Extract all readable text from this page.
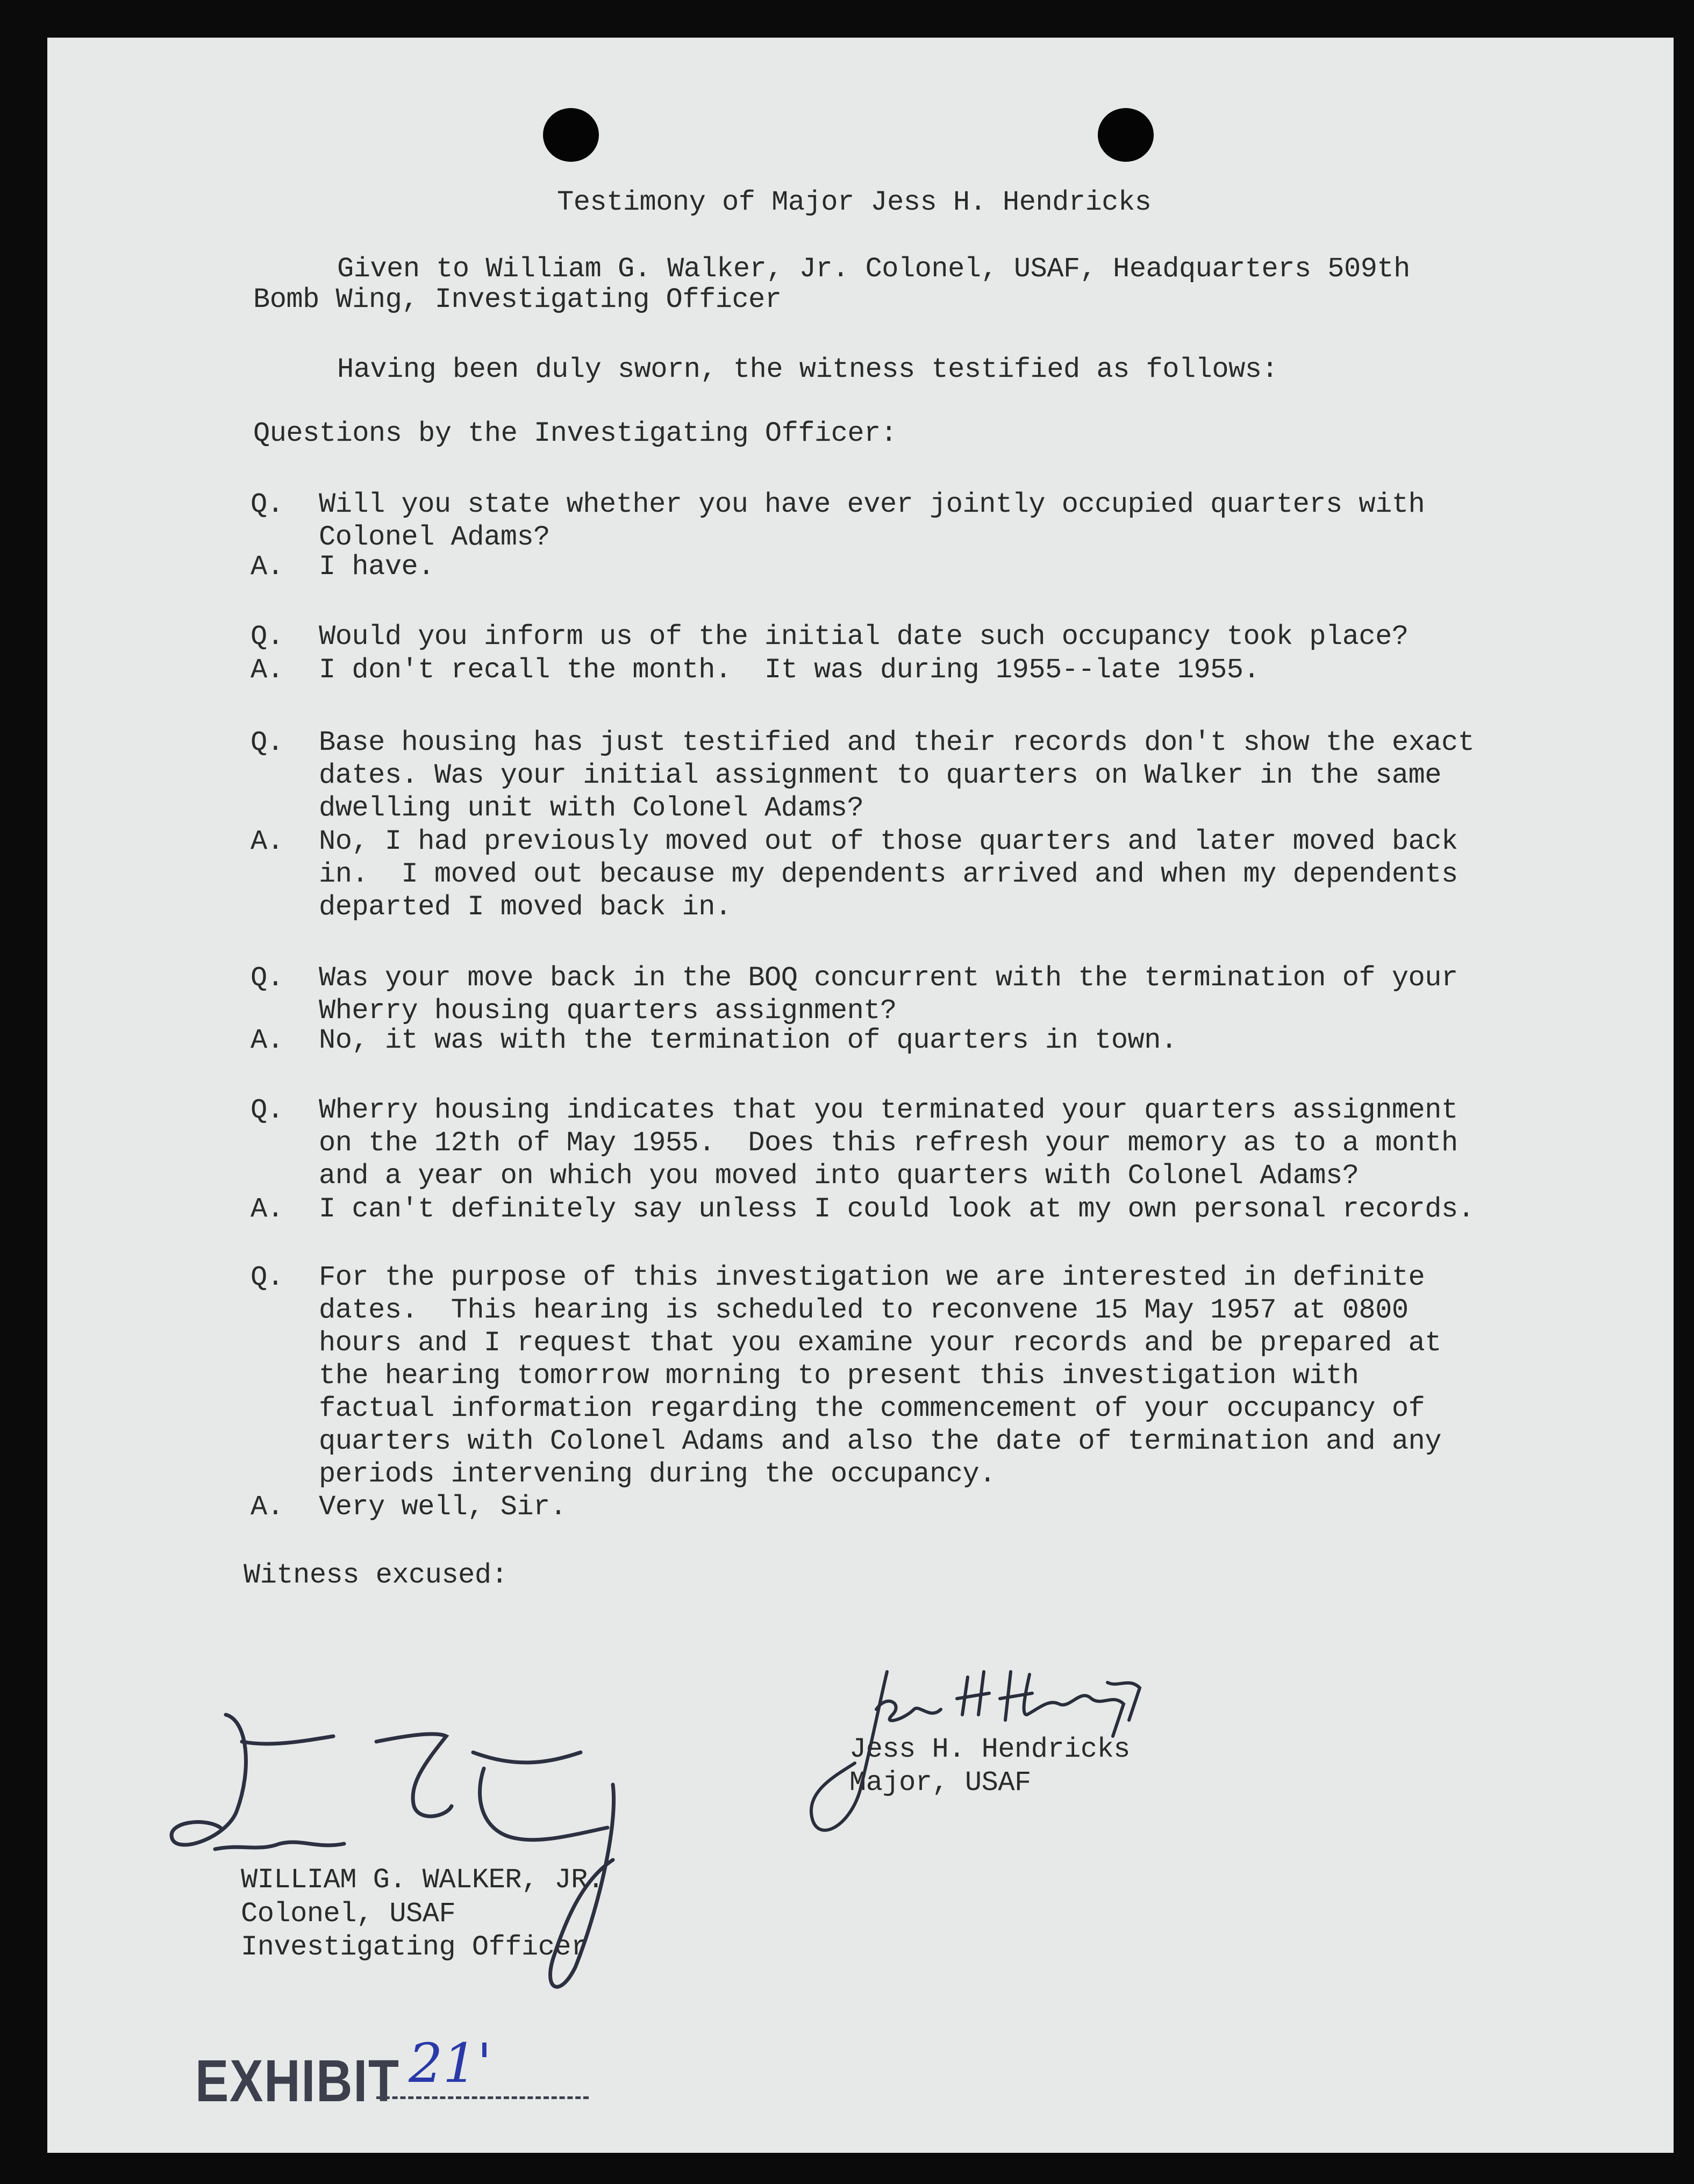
Testimony of Major Jess H. Hendricks
Given to William G. Walker, Jr. Colonel, USAF, Headquarters 509th
Bomb Wing, Investigating Officer
Having been duly sworn, the witness testified as follows:
Questions by the Investigating Officer:
Q. Will you state whether you have ever jointly occupied quarters with
Colonel Adams?
A. I have.
Q. Would you inform us of the initial date such occupancy took place?
A. I don't recall the month.  It was during 1955--late 1955.
Q. Base housing has just testified and their records don't show the exact
dates. Was your initial assignment to quarters on Walker in the same
dwelling unit with Colonel Adams?
A. No, I had previously moved out of those quarters and later moved back
in.  I moved out because my dependents arrived and when my dependents
departed I moved back in.
Q. Was your move back in the BOQ concurrent with the termination of your
Wherry housing quarters assignment?
A. No, it was with the termination of quarters in town.
Q. Wherry housing indicates that you terminated your quarters assignment
on the 12th of May 1955.  Does this refresh your memory as to a month
and a year on which you moved into quarters with Colonel Adams?
A. I can't definitely say unless I could look at my own personal records.
Q. For the purpose of this investigation we are interested in definite
dates.  This hearing is scheduled to reconvene 15 May 1957 at 0800
hours and I request that you examine your records and be prepared at
the hearing tomorrow morning to present this investigation with
factual information regarding the commencement of your occupancy of
quarters with Colonel Adams and also the date of termination and any
periods intervening during the occupancy.
A. Very well, Sir.
Witness excused:
Jess H. Hendricks
Major, USAF
WILLIAM G. WALKER, JR.
Colonel, USAF
Investigating Officer
EXHIBIT 21'
